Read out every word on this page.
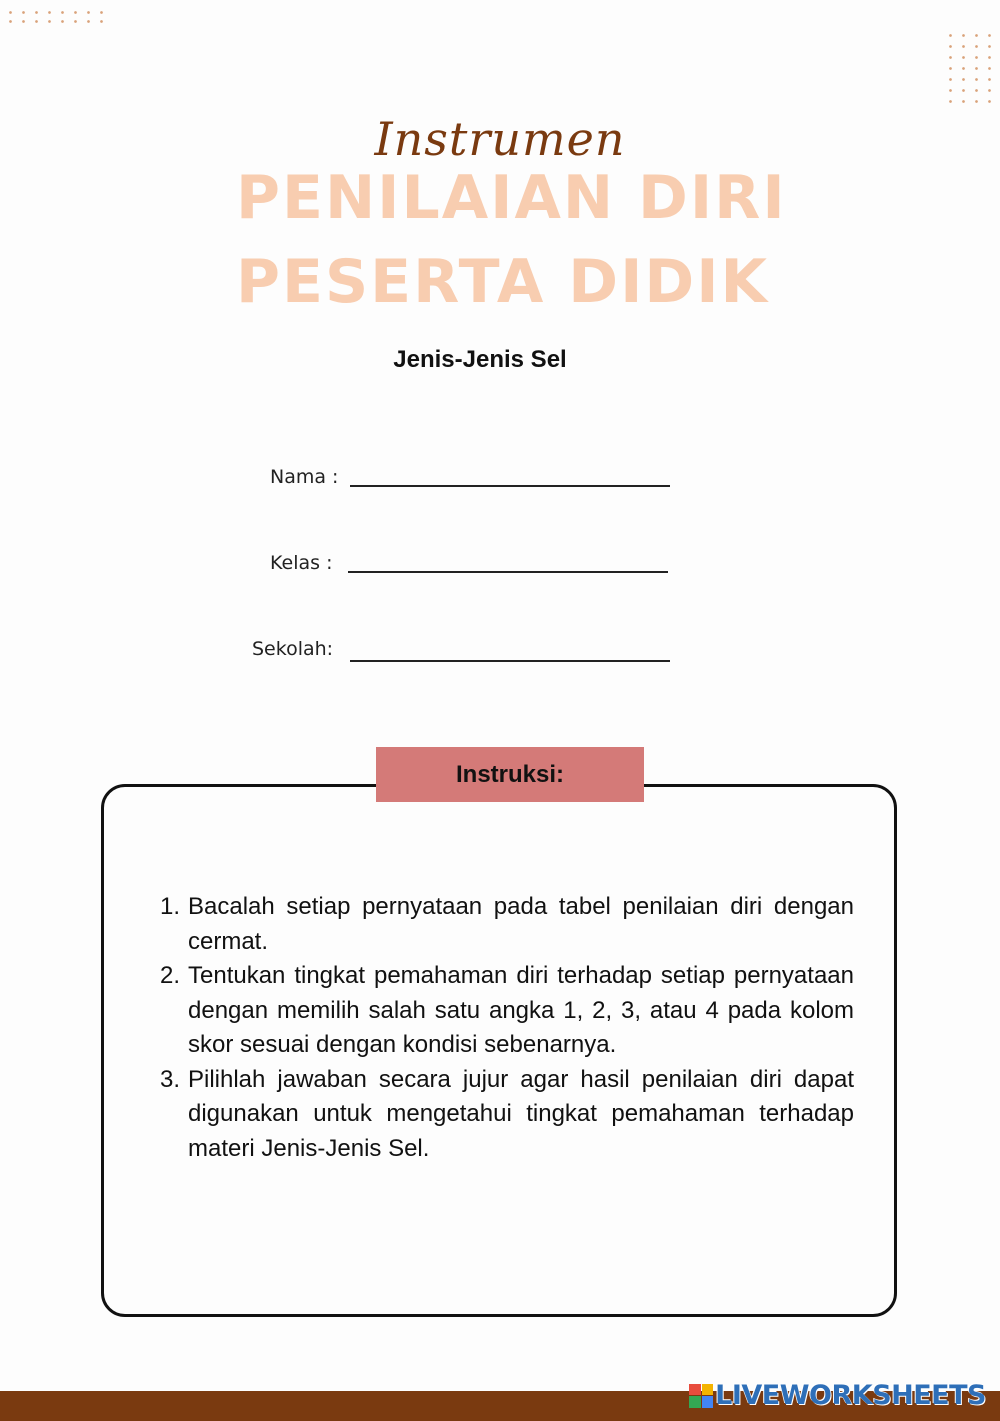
Instrumen
PENILAIAN DIRI
PESERTA DIDIK
Jenis-Jenis Sel
Nama :
Kelas :
Sekolah:
Instruksi:
1. Bacalah setiap pernyataan pada tabel penilaian diri dengan cermat.
2. Tentukan tingkat pemahaman diri terhadap setiap pernyataan dengan memilih salah satu angka 1, 2, 3, atau 4 pada kolom skor sesuai dengan kondisi sebenarnya.
3. Pilihlah jawaban secara jujur agar hasil penilaian diri dapat digunakan untuk mengetahui tingkat pemahaman terhadap materi Jenis-Jenis Sel.
LIVEWORKSHEETS
